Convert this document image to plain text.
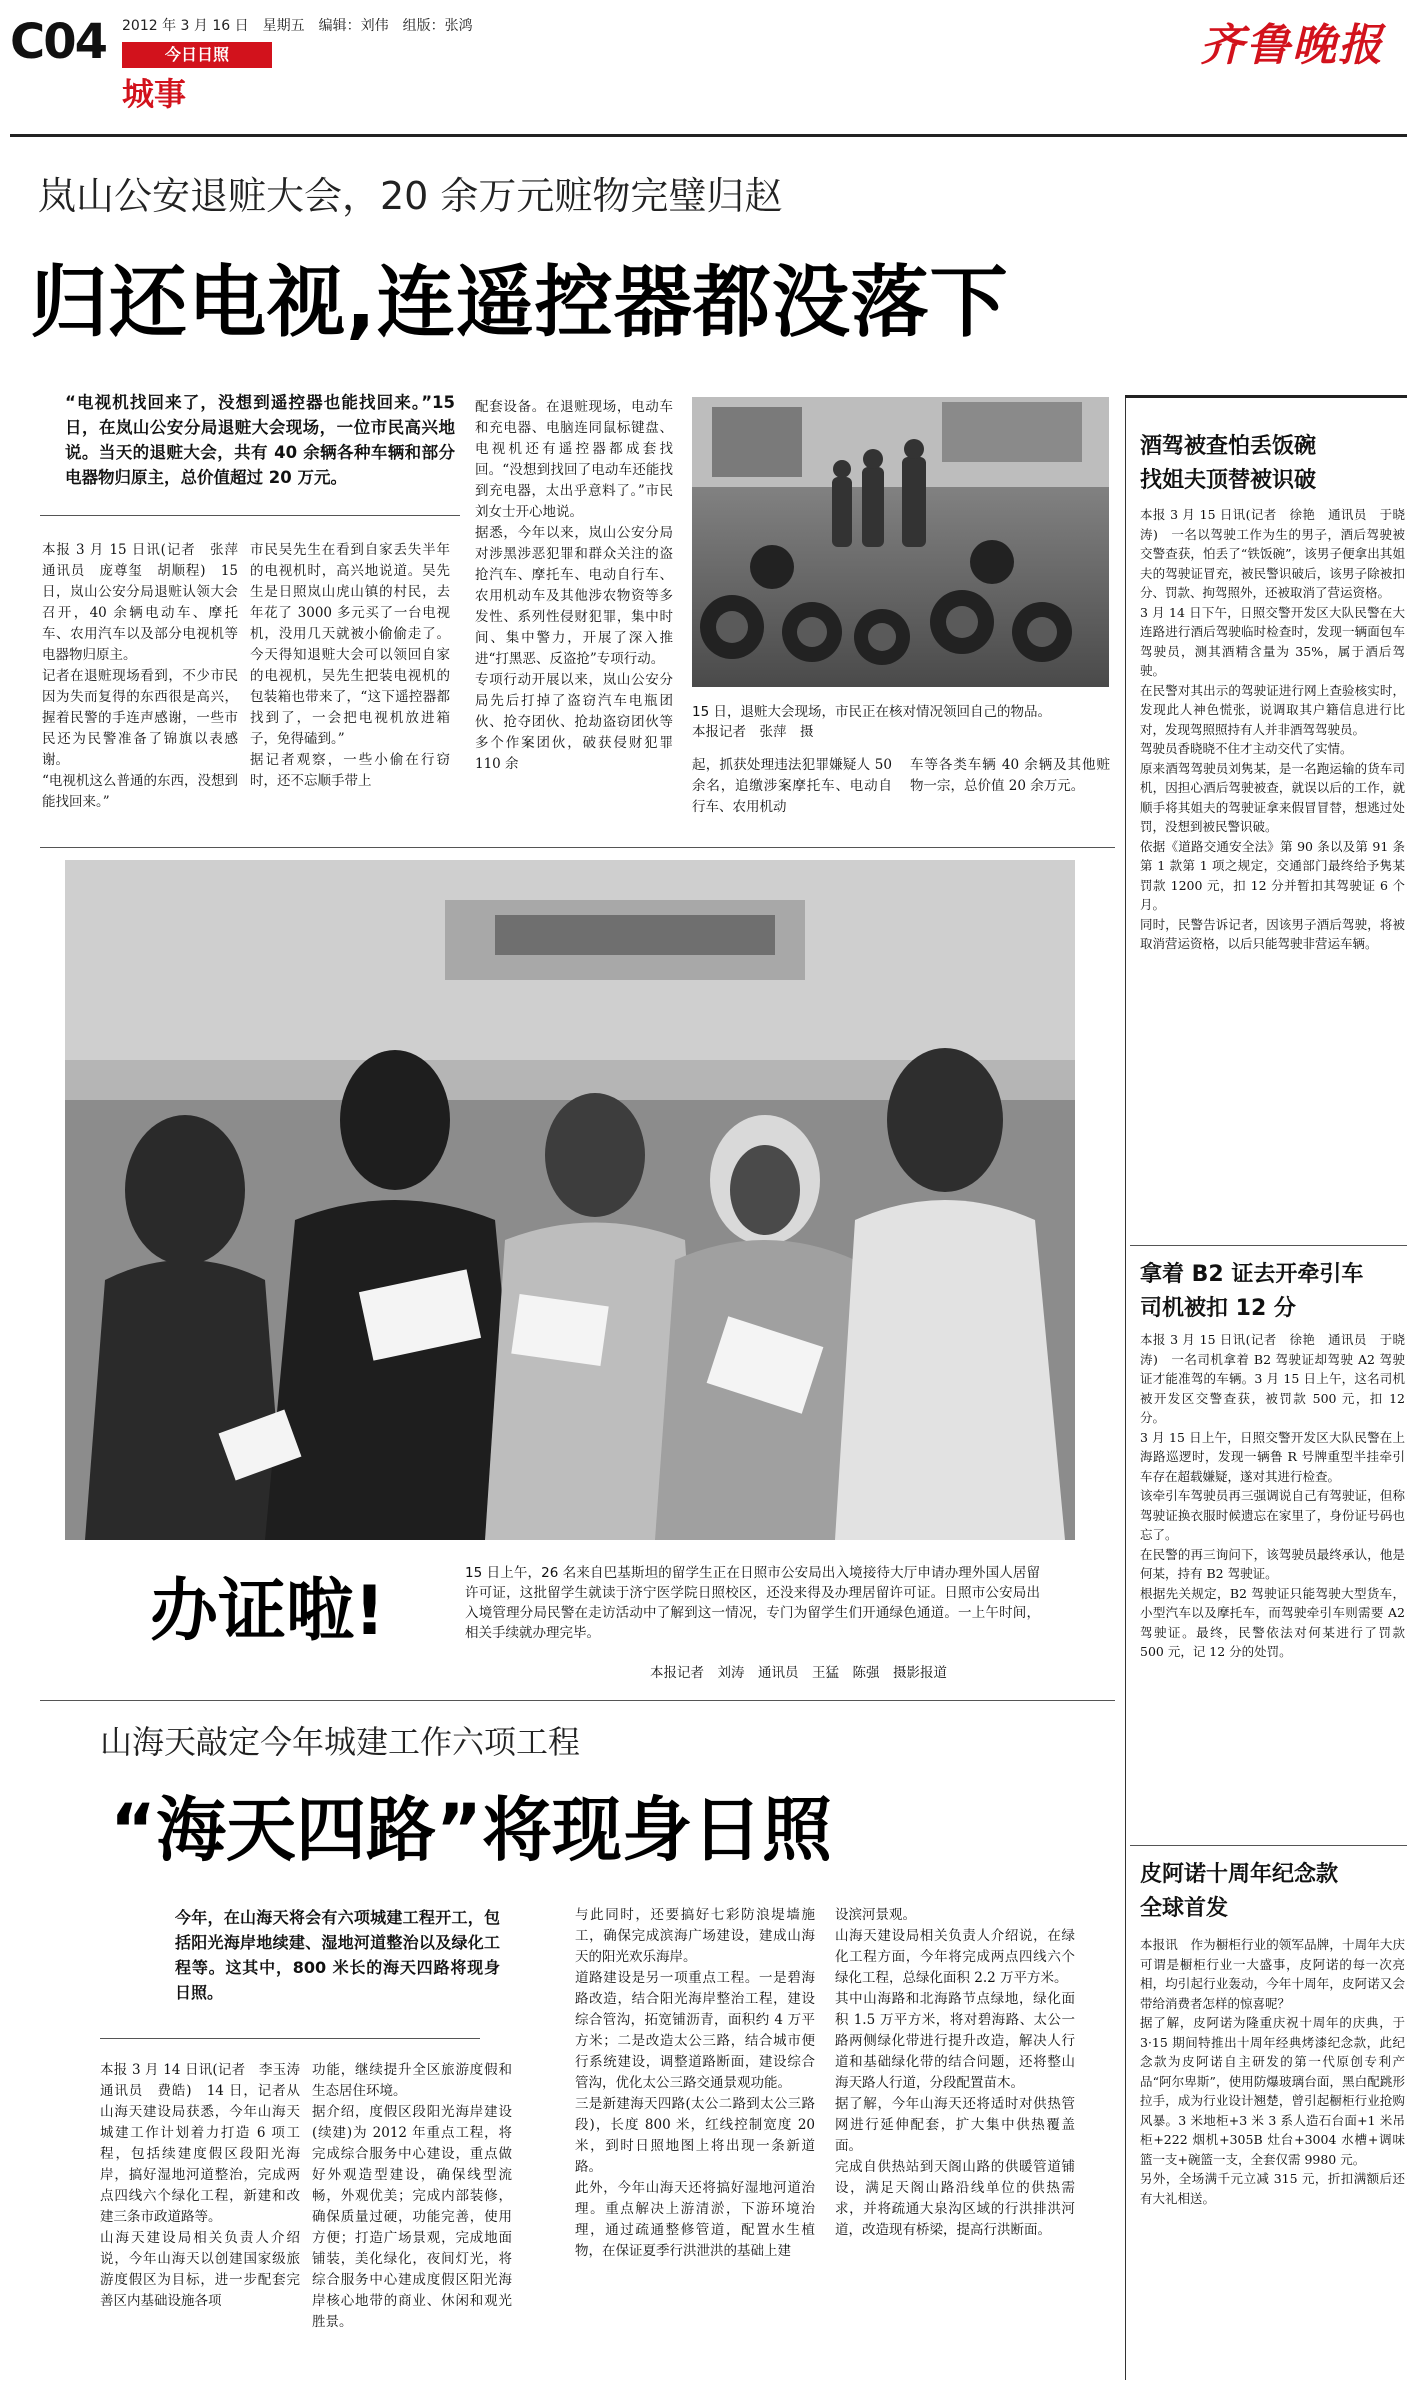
C04 2012 年 3 月 16 日　星期五　编辑：刘伟　组版：张鸿
今日日照
城事
齐鲁晚报
岚山公安退赃大会，20 余万元赃物完璧归赵
归还电视,连遥控器都没落下
“电视机找回来了，没想到遥控器也能找回来。”15 日，在岚山公安分局退赃大会现场，一位市民高兴地说。当天的退赃大会，共有 40 余辆各种车辆和部分电器物归原主，总价值超过 20 万元。
本报 3 月 15 日讯(记者　张萍　通讯员　庞尊玺　胡顺程)　15 日，岚山公安分局退赃认领大会召开，40 余辆电动车、摩托车、农用汽车以及部分电视机等电器物归原主。
记者在退赃现场看到，不少市民因为失而复得的东西很是高兴，握着民警的手连声感谢，一些市民还为民警准备了锦旗以表感谢。
“电视机这么普通的东西，没想到能找回来。”
市民吴先生在看到自家丢失半年的电视机时，高兴地说道。吴先生是日照岚山虎山镇的村民，去年花了 3000 多元买了一台电视机，没用几天就被小偷偷走了。今天得知退赃大会可以领回自家的电视机，吴先生把装电视机的包装箱也带来了，“这下遥控器都找到了，一会把电视机放进箱子，免得磕到。”
据记者观察，一些小偷在行窃时，还不忘顺手带上
配套设备。在退赃现场，电动车和充电器、电脑连同鼠标键盘、电视机还有遥控器都成套找回。“没想到找回了电动车还能找到充电器，太出乎意料了。”市民刘女士开心地说。
据悉，今年以来，岚山公安分局对涉黑涉恶犯罪和群众关注的盗抢汽车、摩托车、电动自行车、农用机动车及其他涉农物资等多发性、系列性侵财犯罪，集中时间、集中警力，开展了深入推进“打黑恶、反盗抢”专项行动。
专项行动开展以来，岚山公安分局先后打掉了盗窃汽车电瓶团伙、抢夺团伙、抢劫盗窃团伙等多个作案团伙，破获侵财犯罪 110 余
15 日，退赃大会现场，市民正在核对情况领回自己的物品。　　　　　　本报记者　张萍　摄
起，抓获处理违法犯罪嫌疑人 50 余名，追缴涉案摩托车、电动自行车、农用机动
车等各类车辆 40 余辆及其他赃物一宗，总价值 20 余万元。
办证啦!	15 日上午，26 名来自巴基斯坦的留学生正在日照市公安局出入境接待大厅申请办理外国人居留许可证，这批留学生就读于济宁医学院日照校区，还没来得及办理居留许可证。日照市公安局出入境管理分局民警在走访活动中了解到这一情况，专门为留学生们开通绿色通道。一上午时间，相关手续就办理完毕。
本报记者　刘涛　通讯员　王猛　陈强　摄影报道
山海天敲定今年城建工作六项工程
“海天四路”将现身日照
今年，在山海天将会有六项城建工程开工，包括阳光海岸地续建、湿地河道整治以及绿化工程等。这其中，800 米长的海天四路将现身日照。
本报 3 月 14 日讯(记者　李玉涛　通讯员　费皓)　14 日，记者从山海天建设局获悉，今年山海天城建工作计划着力打造 6 项工程，包括续建度假区段阳光海岸，搞好湿地河道整治，完成两点四线六个绿化工程，新建和改建三条市政道路等。
山海天建设局相关负责人介绍说，今年山海天以创建国家级旅游度假区为目标，进一步配套完善区内基础设施各项
功能，继续提升全区旅游度假和生态居住环境。
据介绍，度假区段阳光海岸建设(续建)为 2012 年重点工程，将完成综合服务中心建设，重点做好外观造型建设，确保线型流畅，外观优美；完成内部装修，确保质量过硬，功能完善，使用方便；打造广场景观，完成地面铺装，美化绿化，夜间灯光，将综合服务中心建成度假区阳光海岸核心地带的商业、休闲和观光胜景。
与此同时，还要搞好七彩防浪堤墙施工，确保完成滨海广场建设，建成山海天的阳光欢乐海岸。
道路建设是另一项重点工程。一是碧海路改造，结合阳光海岸整治工程，建设综合管沟，拓宽铺沥青，面积约 4 万平方米；二是改造太公三路，结合城市便行系统建设，调整道路断面，建设综合管沟，优化太公三路交通景观功能。
三是新建海天四路(太公二路到太公三路段)，长度 800 米，红线控制宽度 20 米，到时日照地图上将出现一条新道路。
此外，今年山海天还将搞好湿地河道治理。重点解决上游清淤，下游环境治理，通过疏通整修管道，配置水生植物，在保证夏季行洪泄洪的基础上建
设滨河景观。
山海天建设局相关负责人介绍说，在绿化工程方面，今年将完成两点四线六个绿化工程，总绿化面积 2.2 万平方米。
其中山海路和北海路节点绿地，绿化面积 1.5 万平方米，将对碧海路、太公一路两侧绿化带进行提升改造，解决人行道和基础绿化带的结合问题，还将整山海天路人行道，分段配置苗木。
据了解，今年山海天还将适时对供热管网进行延伸配套，扩大集中供热覆盖面。
完成自供热站到天阁山路的供暖管道铺设，满足天阁山路沿线单位的供热需求，并将疏通大泉沟区域的行洪排洪河道，改造现有桥梁，提高行洪断面。
酒驾被查怕丢饭碗
找姐夫顶替被识破
本报 3 月 15 日讯(记者　徐艳　通讯员　于晓涛)　一名以驾驶工作为生的男子，酒后驾驶被交警查获，怕丢了“铁饭碗”，该男子便拿出其姐夫的驾驶证冒充，被民警识破后，该男子除被扣分、罚款、拘驾照外，还被取消了营运资格。
3 月 14 日下午，日照交警开发区大队民警在大连路进行酒后驾驶临时检查时，发现一辆面包车驾驶员，测其酒精含量为 35%，属于酒后驾驶。
在民警对其出示的驾驶证进行网上查验核实时，发现此人神色慌张，说调取其户籍信息进行比对，发现驾照照持有人并非酒驾驾驶员。
驾驶员香晓晓不住才主动交代了实情。
原来酒驾驾驶员刘隽某，是一名跑运输的货车司机，因担心酒后驾驶被查，就误以后的工作，就顺手将其姐夫的驾驶证拿来假冒冒替，想逃过处罚，没想到被民警识破。
依据《道路交通安全法》第 90 条以及第 91 条第 1 款第 1 项之规定，交通部门最终给予隽某罚款 1200 元，扣 12 分并暂扣其驾驶证 6 个月。
同时，民警告诉记者，因该男子酒后驾驶，将被取消营运资格，以后只能驾驶非营运车辆。
拿着 B2 证去开牵引车
司机被扣 12 分
本报 3 月 15 日讯(记者　徐艳　通讯员　于晓涛)　一名司机拿着 B2 驾驶证却驾驶 A2 驾驶证才能准驾的车辆。3 月 15 日上午，这名司机被开发区交警查获，被罚款 500 元，扣 12 分。
3 月 15 日上午，日照交警开发区大队民警在上海路巡逻时，发现一辆鲁 R 号牌重型半挂牵引车存在超载嫌疑，遂对其进行检查。
该牵引车驾驶员再三强调说自己有驾驶证，但称驾驶证换衣服时候遗忘在家里了，身份证号码也忘了。
在民警的再三询问下，该驾驶员最终承认，他是何某，持有 B2 驾驶证。
根据先关规定，B2 驾驶证只能驾驶大型货车，小型汽车以及摩托车，而驾驶牵引车则需要 A2 驾驶证。最终，民警依法对何某进行了罚款 500 元，记 12 分的处罚。
皮阿诺十周年纪念款
全球首发
本报讯　作为橱柜行业的领军品牌，十周年大庆可谓是橱柜行业一大盛事，皮阿诺的每一次亮相，均引起行业轰动，今年十周年，皮阿诺又会带给消费者怎样的惊喜呢？
据了解，皮阿诺为隆重庆祝十周年的庆典，于 3·15 期间特推出十周年经典烤漆纪念款，此纪念款为皮阿诺自主研发的第一代原创专利产品“阿尔卑斯”，使用防爆玻璃台面，黑白配跳形拉手，成为行业设计翘楚，曾引起橱柜行业抢购风暴。3 米地柜+3 米 3 系人造石台面+1 米吊柜+222 烟机+305B 灶台+3004 水槽+调味篮一支+碗篮一支，全套仅需 9980 元。
另外，全场满千元立减 315 元，折扣满额后还有大礼相送。
